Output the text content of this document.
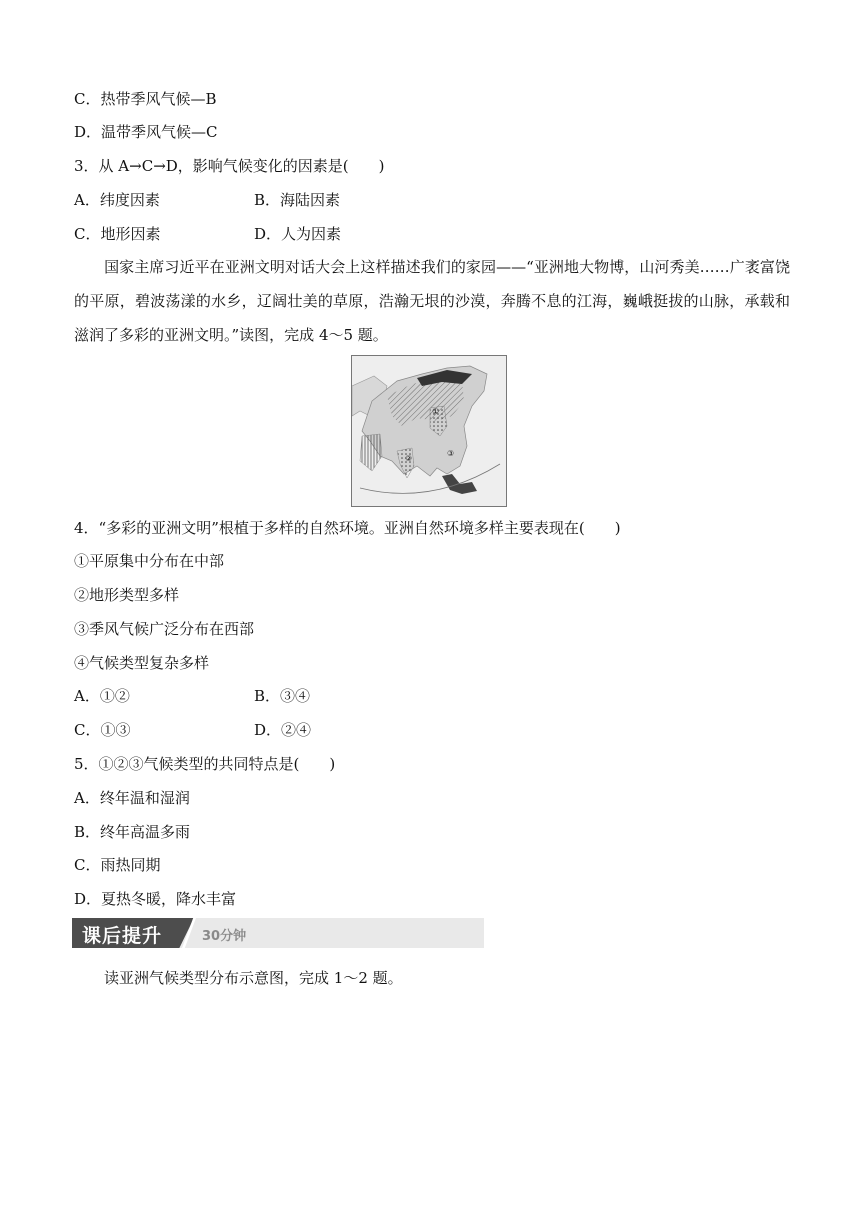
C．热带季风气候—B
D．温带季风气候—C
3．从 A→C→D，影响气候变化的因素是(　　)
A．纬度因素	B．海陆因素
C．地形因素	D．人为因素
国家主席习近平在亚洲文明对话大会上这样描述我们的家园——“亚洲地大物博，山河秀美……广袤富饶的平原，碧波荡漾的水乡，辽阔壮美的草原，浩瀚无垠的沙漠，奔腾不息的江海，巍峨挺拔的山脉，承载和滋润了多彩的亚洲文明。”读图，完成 4～5 题。
①
②
③
4．“多彩的亚洲文明”根植于多样的自然环境。亚洲自然环境多样主要表现在(　　)
①平原集中分布在中部
②地形类型多样
③季风气候广泛分布在西部
④气候类型复杂多样
A．①②	B．③④
C．①③	D．②④
5．①②③气候类型的共同特点是(　　)
A．终年温和湿润
B．终年高温多雨
C．雨热同期
D．夏热冬暖，降水丰富
课后提升	30分钟
读亚洲气候类型分布示意图，完成 1～2 题。
